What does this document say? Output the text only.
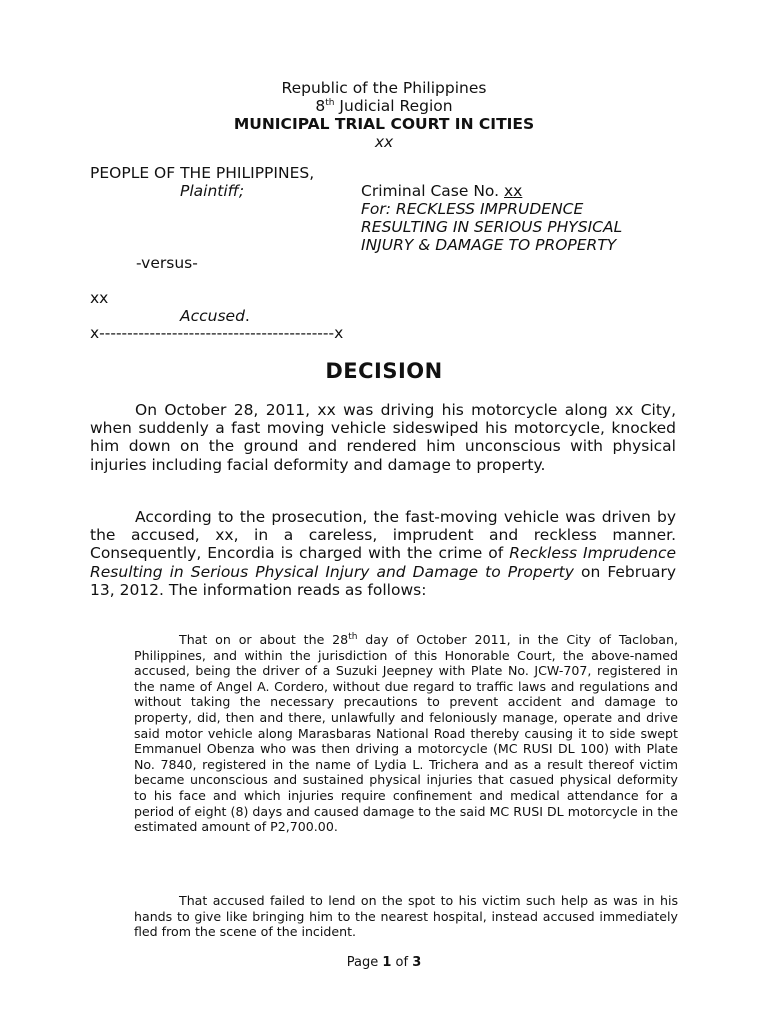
Republic of the Philippines
8th Judicial Region
MUNICIPAL TRIAL COURT IN CITIES
xx
PEOPLE OF THE PHILIPPINES,
Plaintiff;	Criminal Case No. xx
For: RECKLESS IMPRUDENCE
RESULTING IN SERIOUS PHYSICAL
INJURY & DAMAGE TO PROPERTY
-versus-
xx
Accused.
x------------------------------------------x
DECISION
On October 28, 2011, xx was driving his motorcycle along xx City, when suddenly a fast moving vehicle sideswiped his motorcycle, knocked him down on the ground and rendered him unconscious with physical injuries including facial deformity and damage to property.
According to the prosecution, the fast-moving vehicle was driven by the accused, xx, in a careless, imprudent and reckless manner. Consequently, Encordia is charged with the crime of Reckless Imprudence Resulting in Serious Physical Injury and Damage to Property on February 13, 2012. The information reads as follows:
That on or about the 28th day of October 2011, in the City of Tacloban, Philippines, and within the jurisdiction of this Honorable Court, the above-named accused, being the driver of a Suzuki Jeepney with Plate No. JCW-707, registered in the name of Angel A. Cordero, without due regard to traffic laws and regulations and without taking the necessary precautions to prevent accident and damage to property, did, then and there, unlawfully and feloniously manage, operate and drive said motor vehicle along Marasbaras National Road thereby causing it to side swept Emmanuel Obenza who was then driving a motorcycle (MC RUSI DL 100) with Plate No. 7840, registered in the name of Lydia L. Trichera and as a result thereof victim became unconscious and sustained physical injuries that casued physical deformity to his face and which injuries require confinement and medical attendance for a period of eight (8) days and caused damage to the said MC RUSI DL motorcycle in the estimated amount of P2,700.00.
That accused failed to lend on the spot to his victim such help as was in his hands to give like bringing him to the nearest hospital, instead accused immediately fled from the scene of the incident.
Page 1 of 3
